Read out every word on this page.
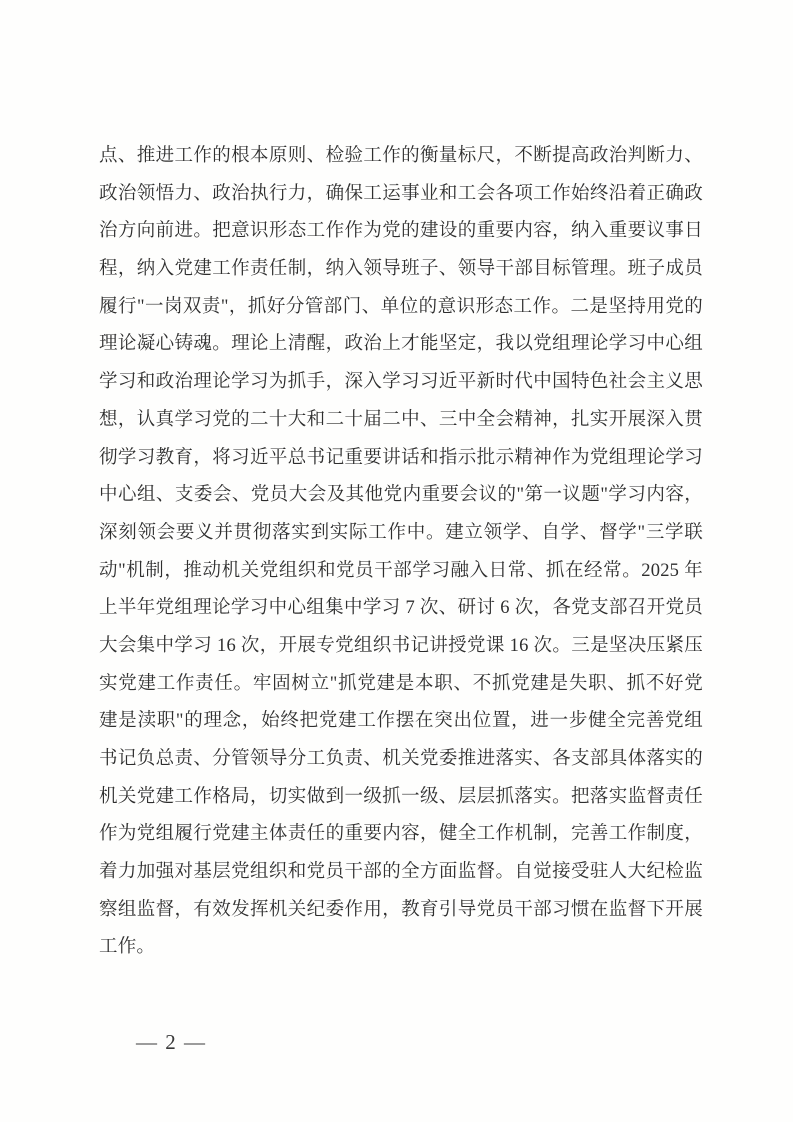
点、推进工作的根本原则、检验工作的衡量标尺，不断提高政治判断力、
政治领悟力、政治执行力，确保工运事业和工会各项工作始终沿着正确政
治方向前进。把意识形态工作作为党的建设的重要内容，纳入重要议事日
程，纳入党建工作责任制，纳入领导班子、领导干部目标管理。班子成员
履行"一岗双责"，抓好分管部门、单位的意识形态工作。二是坚持用党的
理论凝心铸魂。理论上清醒，政治上才能坚定，我以党组理论学习中心组
学习和政治理论学习为抓手，深入学习习近平新时代中国特色社会主义思
想，认真学习党的二十大和二十届二中、三中全会精神，扎实开展深入贯
彻学习教育，将习近平总书记重要讲话和指示批示精神作为党组理论学习
中心组、支委会、党员大会及其他党内重要会议的"第一议题"学习内容，
深刻领会要义并贯彻落实到实际工作中。建立领学、自学、督学"三学联
动"机制，推动机关党组织和党员干部学习融入日常、抓在经常。2025 年
上半年党组理论学习中心组集中学习 7 次、研讨 6 次，各党支部召开党员
大会集中学习 16 次，开展专党组织书记讲授党课 16 次。三是坚决压紧压
实党建工作责任。牢固树立"抓党建是本职、不抓党建是失职、抓不好党
建是渎职"的理念，始终把党建工作摆在突出位置，进一步健全完善党组
书记负总责、分管领导分工负责、机关党委推进落实、各支部具体落实的
机关党建工作格局，切实做到一级抓一级、层层抓落实。把落实监督责任
作为党组履行党建主体责任的重要内容，健全工作机制，完善工作制度，
着力加强对基层党组织和党员干部的全方面监督。自觉接受驻人大纪检监
察组监督，有效发挥机关纪委作用，教育引导党员干部习惯在监督下开展
工作。
— 2 —
